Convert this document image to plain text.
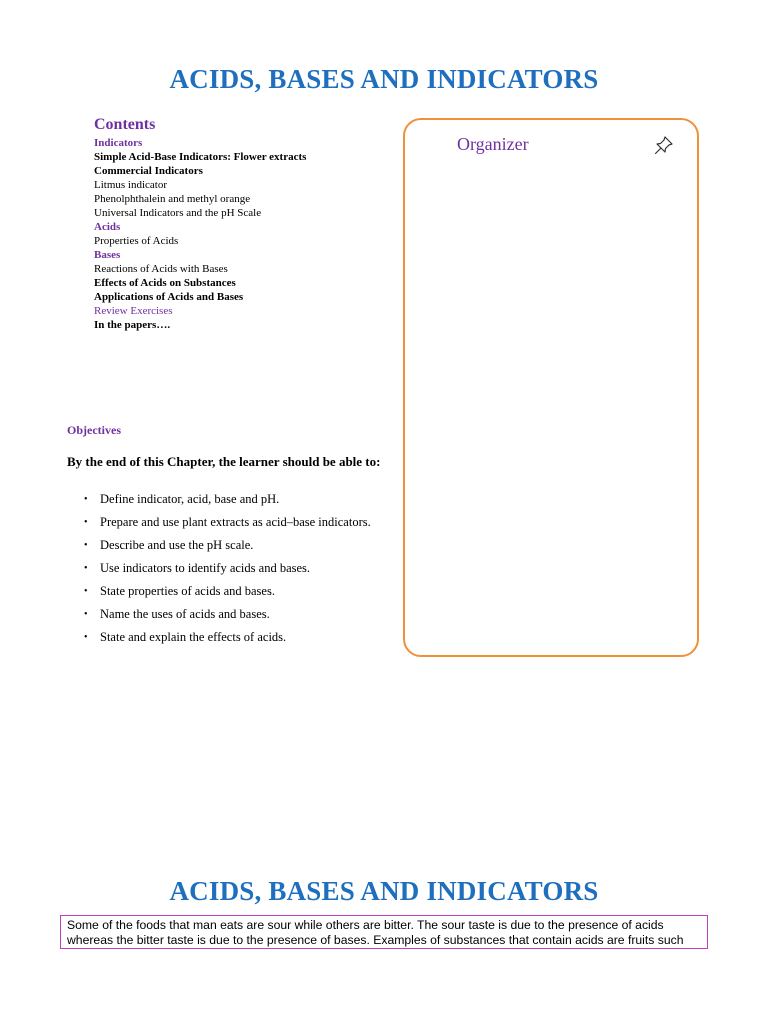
ACIDS, BASES AND INDICATORS
Contents
Indicators
Simple Acid-Base Indicators: Flower extracts
Commercial Indicators
Litmus indicator
Phenolphthalein and methyl orange
Universal Indicators and the pH Scale
Acids
Properties of Acids
Bases
Reactions of Acids with Bases
Effects of Acids on Substances
Applications of Acids and Bases
Review Exercises
In the papers….
Organizer
Objectives
By the end of this Chapter, the learner should be able to:
• Define indicator, acid, base and pH.
• Prepare and use plant extracts as acid–base indicators.
• Describe and use the pH scale.
• Use indicators to identify acids and bases.
• State properties of acids and bases.
• Name the uses of acids and bases.
• State and explain the effects of acids.
ACIDS, BASES AND INDICATORS
Some of the foods that man eats are sour while others are bitter. The sour taste is due to the presence of acids whereas the bitter taste is due to the presence of bases. Examples of substances that contain acids are fruits such
